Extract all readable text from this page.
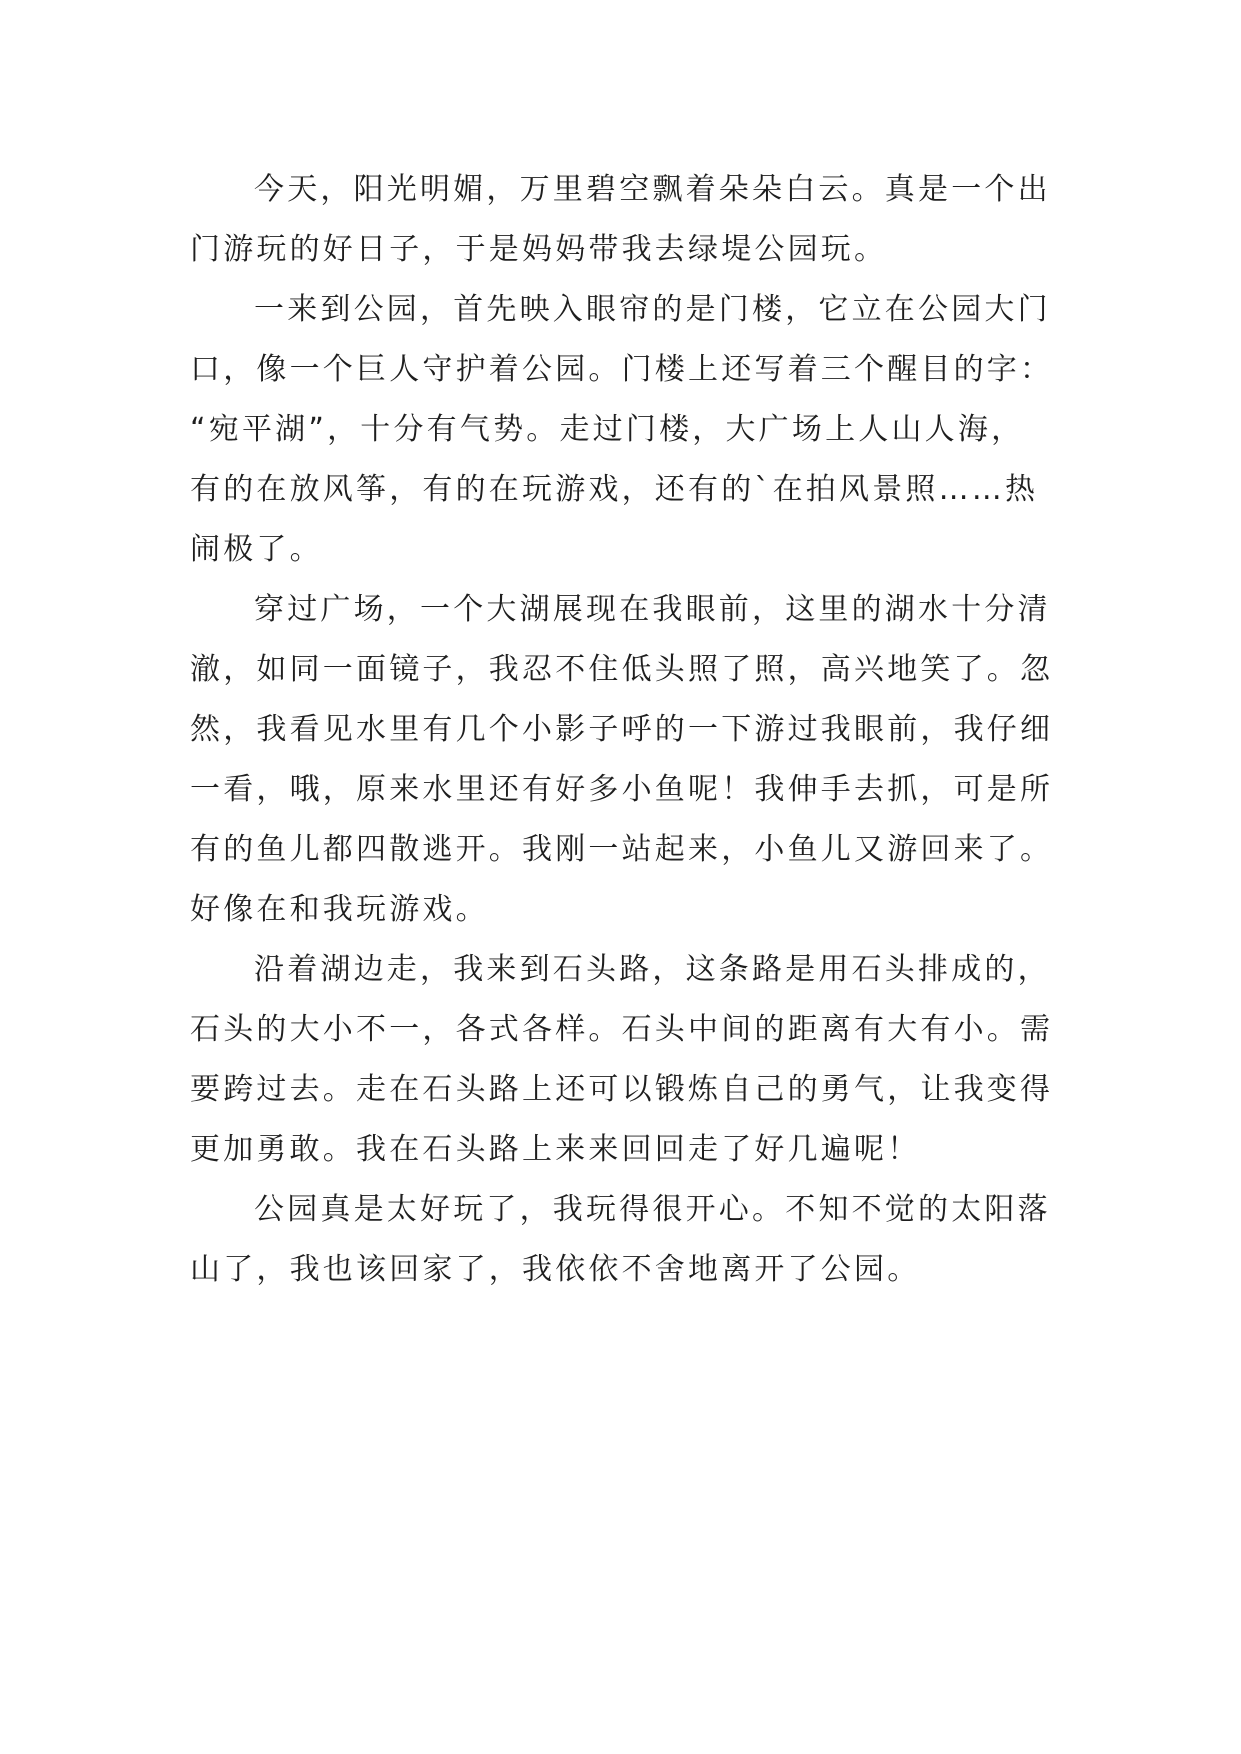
今天，阳光明媚，万里碧空飘着朵朵白云。真是一个出
门游玩的好日子，于是妈妈带我去绿堤公园玩。

一来到公园，首先映入眼帘的是门楼，它立在公园大门
口，像一个巨人守护着公园。门楼上还写着三个醒目的字：
“宛平湖”，十分有气势。走过门楼，大广场上人山人海，
有的在放风筝，有的在玩游戏，还有的`在拍风景照……热
闹极了。

穿过广场，一个大湖展现在我眼前，这里的湖水十分清
澈，如同一面镜子，我忍不住低头照了照，高兴地笑了。忽
然，我看见水里有几个小影子呼的一下游过我眼前，我仔细
一看，哦，原来水里还有好多小鱼呢！我伸手去抓，可是所
有的鱼儿都四散逃开。我刚一站起来，小鱼儿又游回来了。
好像在和我玩游戏。

沿着湖边走，我来到石头路，这条路是用石头排成的，
石头的大小不一，各式各样。石头中间的距离有大有小。需
要跨过去。走在石头路上还可以锻炼自己的勇气，让我变得
更加勇敢。我在石头路上来来回回走了好几遍呢！

公园真是太好玩了，我玩得很开心。不知不觉的太阳落
山了，我也该回家了，我依依不舍地离开了公园。
